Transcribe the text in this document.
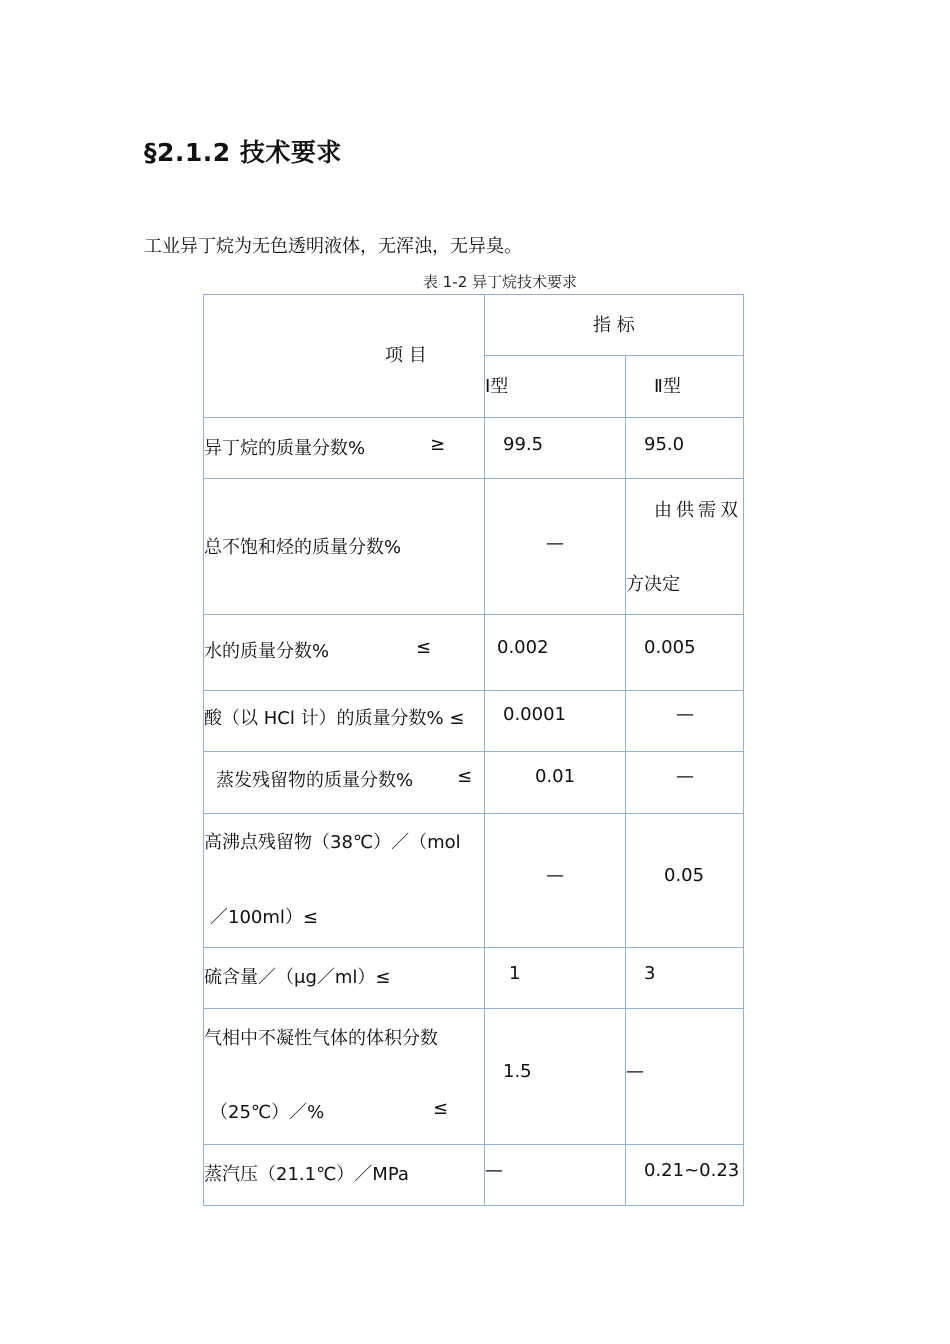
§2.1.2 技术要求
工业异丁烷为无色透明液体，无浑浊，无异臭。
表 1-2 异丁烷技术要求
项 目	指 标	

	Ⅰ型	Ⅱ型

异丁烷的质量分数% ≥	99.5	95.0

总不饱和烃的质量分数%	—	由供需双
方决定

水的质量分数% ≤	0.002	0.005

酸（以 HCl 计）的质量分数% ≤	0.0001	—

蒸发残留物的质量分数% ≤	0.01	—

高沸点残留物（38℃）／（mol
／100ml）≤	—	0.05

硫含量／（μg／ml）≤	1	3

气相中不凝性气体的体积分数
（25℃）／% ≤	1.5	—

蒸汽压（21.1℃）／MPa	—	0.21~0.23
